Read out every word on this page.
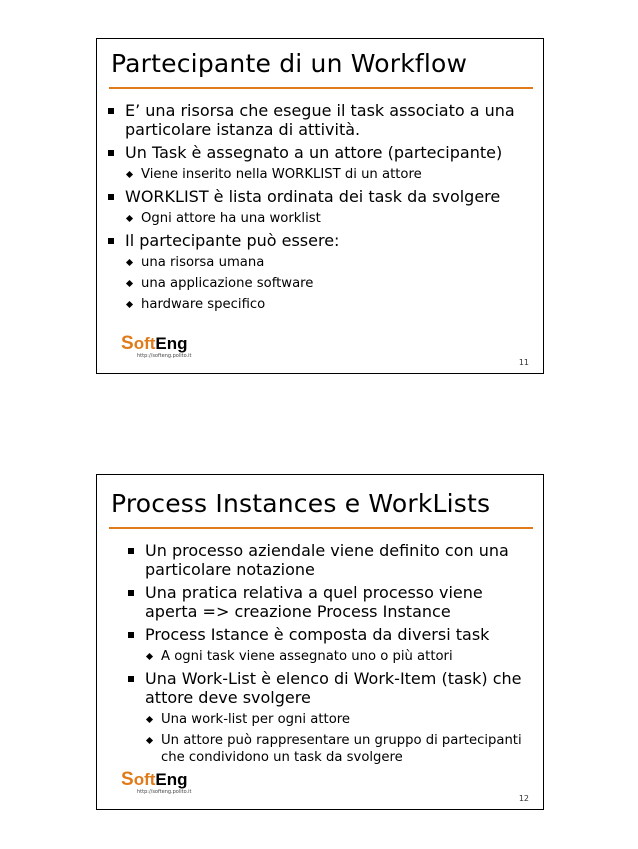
Partecipante di un Workflow
E’ una risorsa che esegue il task associato a una particolare istanza di attività.
Un Task è assegnato a un attore (partecipante)
Viene inserito nella WORKLIST di un attore
WORKLIST è lista ordinata dei task da svolgere
Ogni attore ha una worklist
Il partecipante può essere:
una risorsa umana
una applicazione software
hardware specifico
SoftEng
http://softeng.polito.it
11
Process Instances e WorkLists
Un processo aziendale viene definito con una particolare notazione
Una pratica relativa a quel processo viene aperta => creazione Process Instance
Process Istance è composta da diversi task
A ogni task viene assegnato uno o più attori
Una Work-List è elenco di Work-Item (task) che attore deve svolgere
Una work-list per ogni attore
Un attore può rappresentare un gruppo di partecipanti che condividono un task da svolgere
SoftEng
http://softeng.polito.it
12
